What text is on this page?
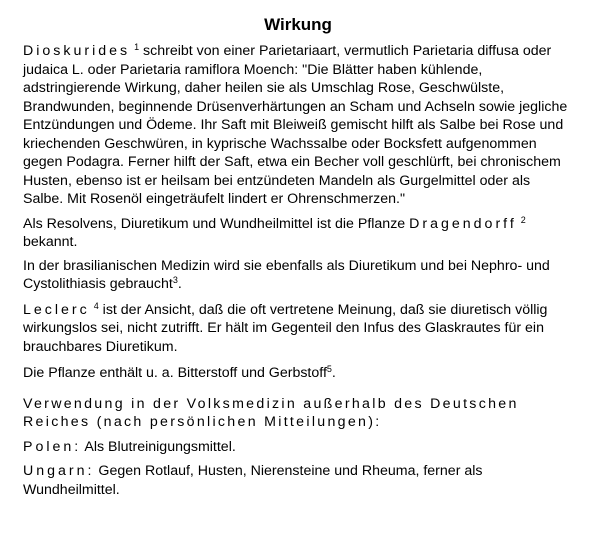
Wirkung

Dioskurides $^1$ schreibt von einer Parietariaart, vermutlich Parietaria diffusa oder judaica L. oder Parietaria ramiflora Moench: "Die Blätter haben kühlende, adstringierende Wirkung, daher heilen sie als Umschlag Rose, Geschwülste, Brandwunden, beginnende Drüsenverhärtungen an Scham und Achseln sowie jegliche Entzündungen und Ödeme. Ihr Saft mit Bleiweiß gemischt hilft als Salbe bei Rose und kriechenden Geschwüren, in kyprische Wachssalbe oder Bocksfett aufgenommen gegen Podagra. Ferner hilft der Saft, etwa ein Becher voll geschlürft, bei chronischem Husten, ebenso ist er heilsam bei entzündeten Mandeln als Gurgelmittel oder als Salbe. Mit Rosenöl eingeträufelt lindert er Ohrenschmerzen."

Als Resolvens, Diuretikum und Wundheilmittel ist die Pflanze Dragendorff $^2$ bekannt.

In der brasilianischen Medizin wird sie ebenfalls als Diuretikum und bei Nephro- und Cystolithiasis gebraucht$^3$.

Leclerc $^4$ ist der Ansicht, daß die oft vertretene Meinung, daß sie diuretisch völlig wirkungslos sei, nicht zutrifft. Er hält im Gegenteil den Infus des Glaskrautes für ein brauchbares Diuretikum.

Die Pflanze enthält u. a. Bitterstoff und Gerbstoff$^5$.

Verwendung in der Volksmedizin außerhalb des Deutschen Reiches (nach persönlichen Mitteilungen):

Polen: Als Blutreinigungsmittel.

Ungarn: Gegen Rotlauf, Husten, Nierensteine und Rheuma, ferner als Wundheilmittel.
